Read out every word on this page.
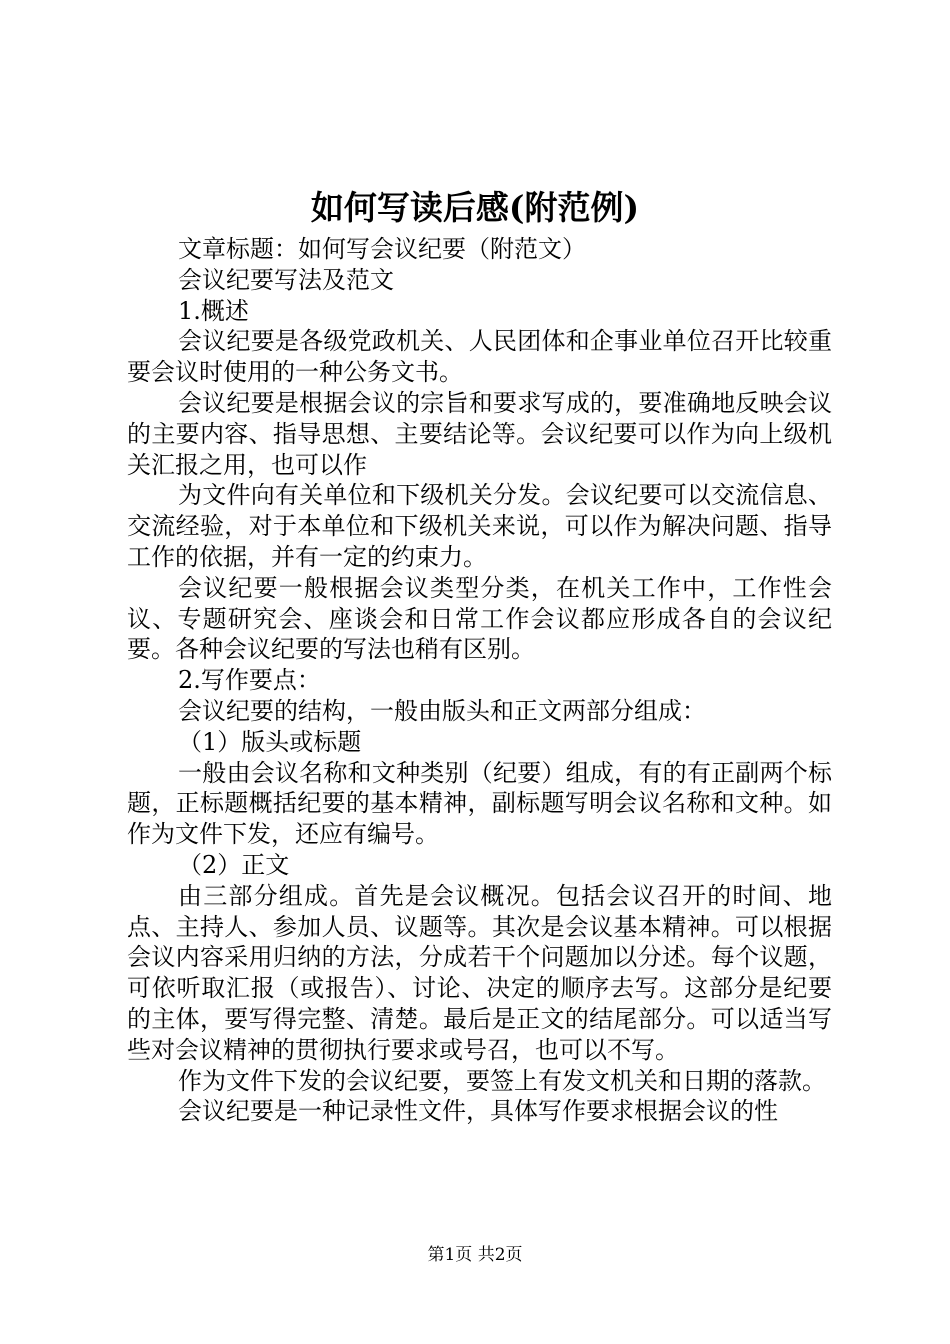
如何写读后感(附范例)

文章标题：如何写会议纪要（附范文）

会议纪要写法及范文

1.概述

会议纪要是各级党政机关、人民团体和企事业单位召开比较重要会议时使用的一种公务文书。

会议纪要是根据会议的宗旨和要求写成的，要准确地反映会议的主要内容、指导思想、主要结论等。会议纪要可以作为向上级机关汇报之用，也可以作

为文件向有关单位和下级机关分发。会议纪要可以交流信息、交流经验，对于本单位和下级机关来说，可以作为解决问题、指导工作的依据，并有一定的约束力。

会议纪要一般根据会议类型分类，在机关工作中，工作性会议、专题研究会、座谈会和日常工作会议都应形成各自的会议纪要。各种会议纪要的写法也稍有区别。

2.写作要点：

会议纪要的结构，一般由版头和正文两部分组成：

（1）版头或标题

一般由会议名称和文种类别（纪要）组成，有的有正副两个标题，正标题概括纪要的基本精神，副标题写明会议名称和文种。如作为文件下发，还应有编号。

（2）正文

由三部分组成。首先是会议概况。包括会议召开的时间、地点、主持人、参加人员、议题等。其次是会议基本精神。可以根据会议内容采用归纳的方法，分成若干个问题加以分述。每个议题，可依听取汇报（或报告）、讨论、决定的顺序去写。这部分是纪要的主体，要写得完整、清楚。最后是正文的结尾部分。可以适当写些对会议精神的贯彻执行要求或号召，也可以不写。

作为文件下发的会议纪要，要签上有发文机关和日期的落款。

会议纪要是一种记录性文件，具体写作要求根据会议的性

第1页 共2页
